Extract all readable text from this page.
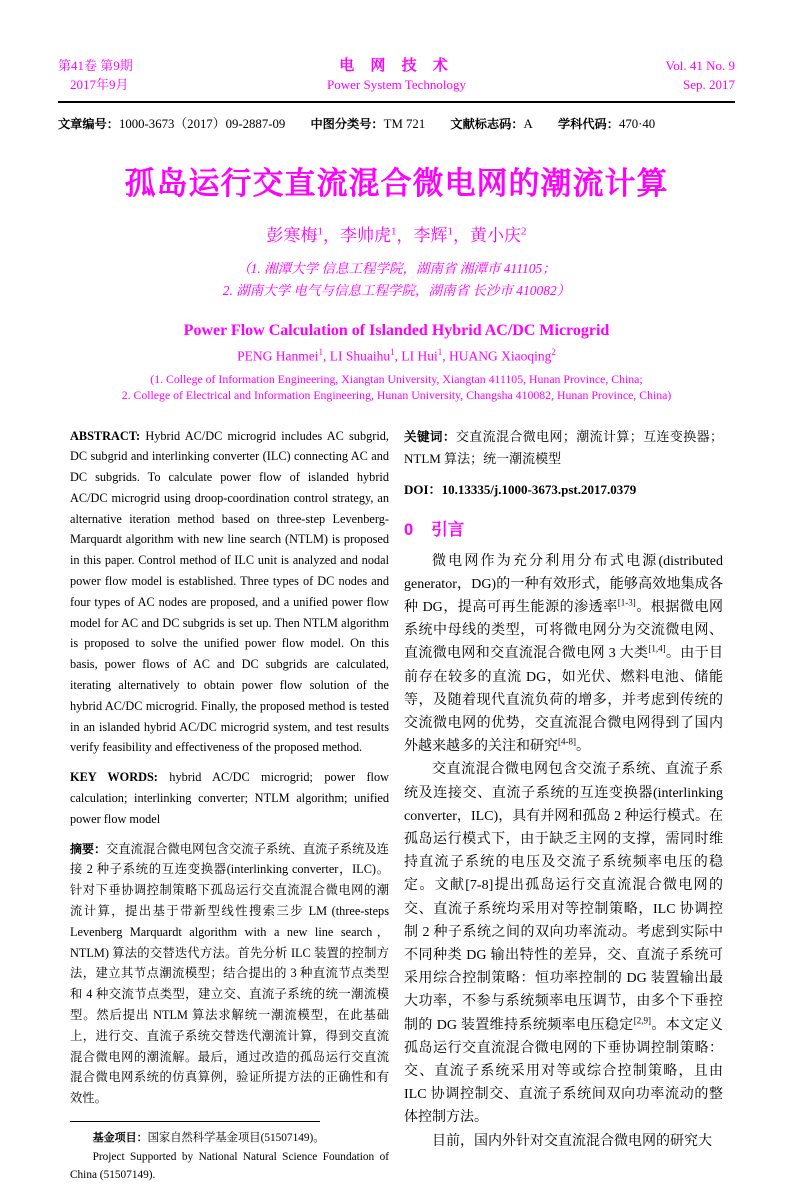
第41卷 第9期
2017年9月
电 网 技 术
Power System Technology
Vol. 41 No. 9
Sep. 2017
文章编号：1000-3673（2017）09-2887-09 中图分类号：TM 721 文献标志码：A 学科代码：470·40
孤岛运行交直流混合微电网的潮流计算
彭寒梅$^1$，李帅虎$^1$，李辉$^1$，黄小庆$^2$
（1. 湘潭大学 信息工程学院，湖南省 湘潭市 411105；
2. 湖南大学 电气与信息工程学院，湖南省 长沙市 410082）
Power Flow Calculation of Islanded Hybrid AC/DC Microgrid
PENG Hanmei$^1$, LI Shuaihu$^1$, LI Hui$^1$, HUANG Xiaoqing$^2$
(1. College of Information Engineering, Xiangtan University, Xiangtan 411105, Hunan Province, China;
2. College of Electrical and Information Engineering, Hunan University, Changsha 410082, Hunan Province, China)

ABSTRACT: Hybrid AC/DC microgrid includes AC subgrid, DC subgrid and interlinking converter (ILC) connecting AC and DC subgrids. To calculate power flow of islanded hybrid AC/DC microgrid using droop-coordination control strategy, an alternative iteration method based on three-step Levenberg-Marquardt algorithm with new line search (NTLM) is proposed in this paper. Control method of ILC unit is analyzed and nodal power flow model is established. Three types of DC nodes and four types of AC nodes are proposed, and a unified power flow model for AC and DC subgrids is set up. Then NTLM algorithm is proposed to solve the unified power flow model. On this basis, power flows of AC and DC subgrids are calculated, iterating alternatively to obtain power flow solution of the hybrid AC/DC microgrid. Finally, the proposed method is tested in an islanded hybrid AC/DC microgrid system, and test results verify feasibility and effectiveness of the proposed method.

KEY WORDS: hybrid AC/DC microgrid; power flow calculation; interlinking converter; NTLM algorithm; unified power flow model

摘要：交直流混合微电网包含交流子系统、直流子系统及连接 2 种子系统的互连变换器(interlinking converter，ILC)。针对下垂协调控制策略下孤岛运行交直流混合微电网的潮流计算，提出基于带新型线性搜索三步 LM (three-steps Levenberg Marquardt algorithm with a new line search，NTLM) 算法的交替迭代方法。首先分析 ILC 装置的控制方法，建立其节点潮流模型；结合提出的 3 种直流节点类型和 4 种交流节点类型，建立交、直流子系统的统一潮流模型。然后提出 NTLM 算法求解统一潮流模型，在此基础上，进行交、直流子系统交替迭代潮流计算，得到交直流混合微电网的潮流解。最后，通过改造的孤岛运行交直流混合微电网系统的仿真算例，验证所提方法的正确性和有效性。

基金项目：国家自然科学基金项目(51507149)。

Project Supported by National Natural Science Foundation of China (51507149).

关键词：交直流混合微电网；潮流计算；互连变换器；NTLM 算法；统一潮流模型

DOI：10.13335/j.1000-3673.pst.2017.0379

0 引言

微电网作为充分利用分布式电源(distributed generator，DG)的一种有效形式，能够高效地集成各种 DG，提高可再生能源的渗透率[1-3]。根据微电网系统中母线的类型，可将微电网分为交流微电网、直流微电网和交直流混合微电网 3 大类[1,4]。由于目前存在较多的直流 DG，如光伏、燃料电池、储能等，及随着现代直流负荷的增多，并考虑到传统的交流微电网的优势，交直流混合微电网得到了国内外越来越多的关注和研究[4-8]。

交直流混合微电网包含交流子系统、直流子系统及连接交、直流子系统的互连变换器(interlinking converter，ILC)，具有并网和孤岛 2 种运行模式。在孤岛运行模式下，由于缺乏主网的支撑，需同时维持直流子系统的电压及交流子系统频率电压的稳定。文献[7-8]提出孤岛运行交直流混合微电网的交、直流子系统均采用对等控制策略，ILC 协调控制 2 种子系统之间的双向功率流动。考虑到实际中不同种类 DG 输出特性的差异，交、直流子系统可采用综合控制策略：恒功率控制的 DG 装置输出最大功率，不参与系统频率电压调节，由多个下垂控制的 DG 装置维持系统频率电压稳定[2,9]。本文定义孤岛运行交直流混合微电网的下垂协调控制策略：交、直流子系统采用对等或综合控制策略，且由 ILC 协调控制交、直流子系统间双向功率流动的整体控制方法。

目前，国内外针对交直流混合微电网的研究大
